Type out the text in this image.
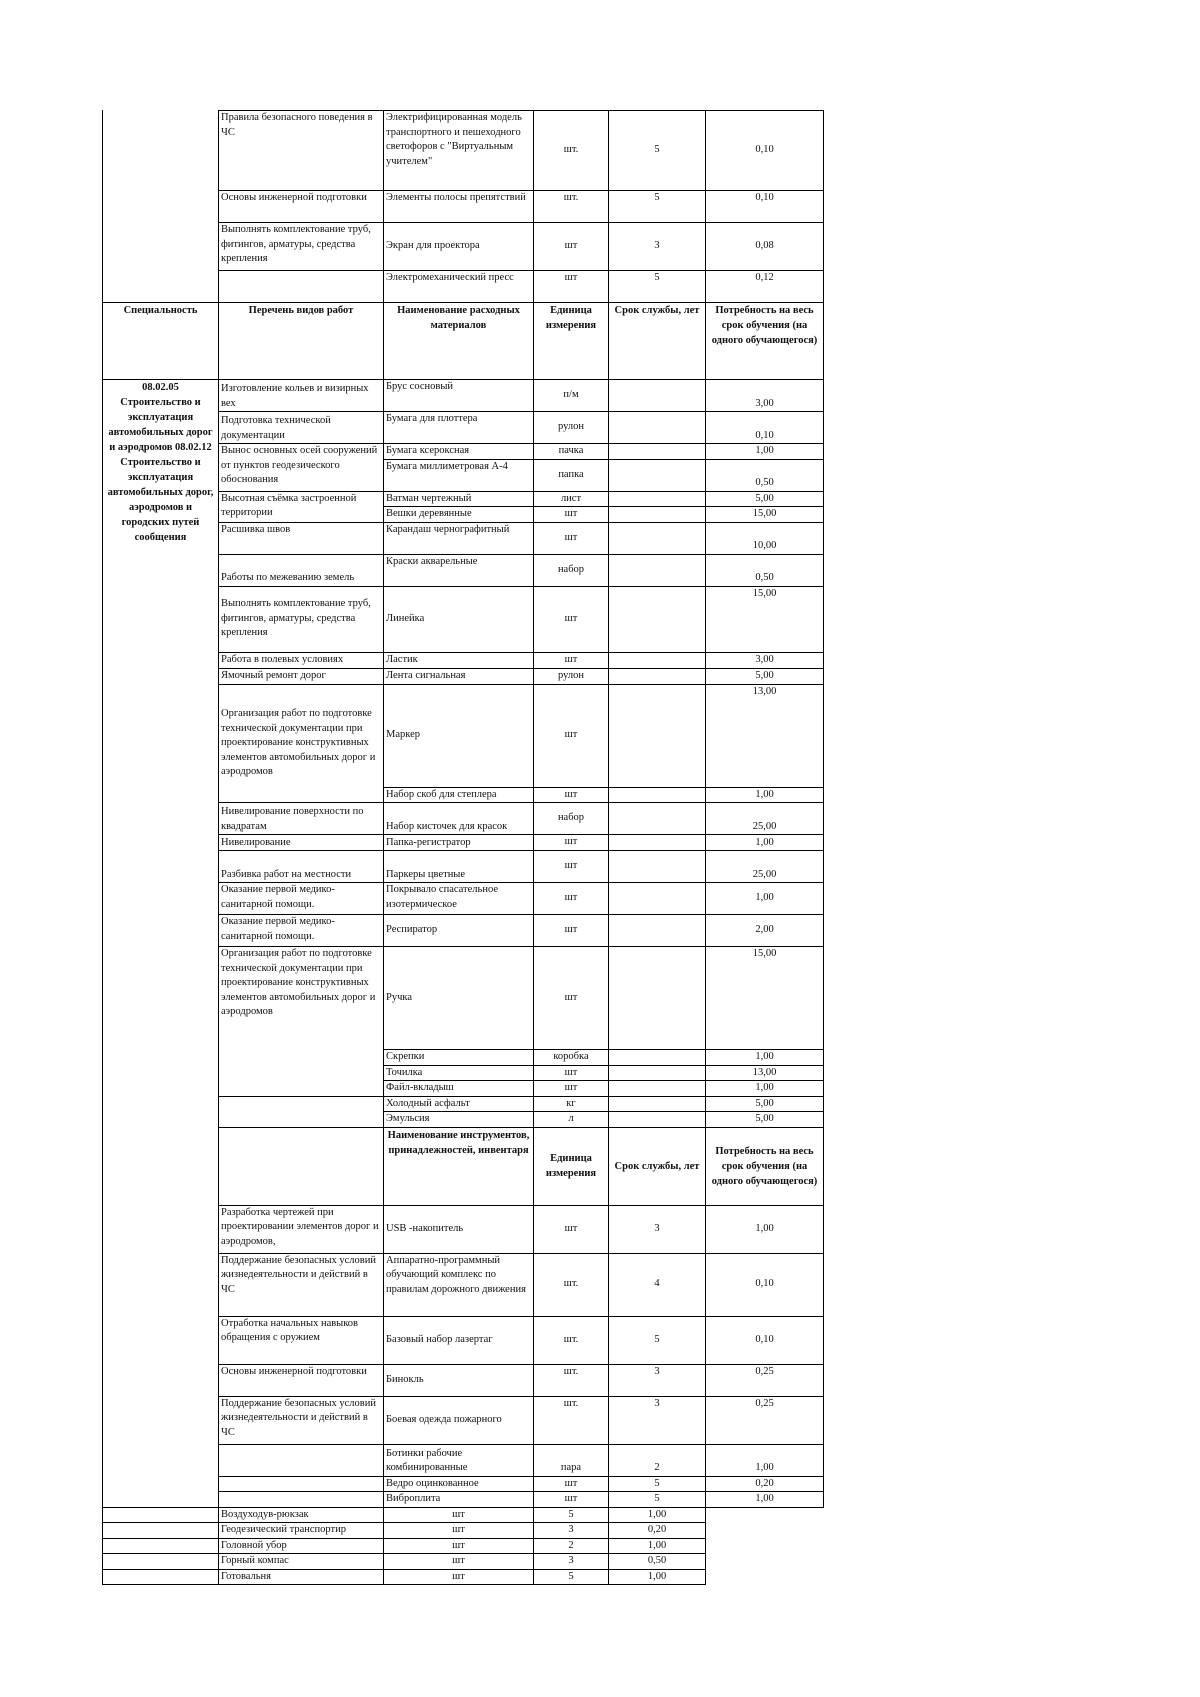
	Правила безопасного поведения в ЧС	Электрифицированная модель транспортного и пешеходного светофоров с "Виртуальным учителем"	шт.	5	0,10
	Основы инженерной подготовки	Элементы полосы препятствий	шт.	5	0,10
	Выполнять комплектование труб, фитингов, арматуры, средства крепления	Экран для проектора	шт	3	0,08
		Электромеханический пресс	шт	5	0,12
Специальность	Перечень видов работ	Наименование расходных материалов	Единица измерения	Срок службы, лет	Потребность на весь срок обучения (на одного обучающегося)
08.02.05 Строительство и эксплуатация автомобильных дорог и аэродромов 08.02.12 Строительство и эксплуатация автомобильных дорог, аэродромов и городских путей сообщения	Изготовление кольев и визирных вех	Брус сосновый	п/м		3,00
	Подготовка технической документации	Бумага для плоттера	рулон		0,10
	Вынос основных осей сооружений от пунктов геодезического обоснования	Бумага ксероксная	пачка		1,00
		Бумага миллиметровая А-4	папка		0,50
	Высотная съёмка застроенной территории	Ватман чертежный	лист		5,00
		Вешки деревянные	шт		15,00
	Расшивка швов	Карандаш чернографитный	шт		10,00
	Работы по межеванию земель	Краски акварельные	набор		0,50
	Выполнять комплектование труб, фитингов, арматуры, средства крепления	Линейка	шт		15,00
	Работа в полевых условиях	Ластик	шт		3,00
	Ямочный ремонт дорог	Лента сигнальная	рулон		5,00
	Организация работ по подготовке технической документации при проектирование конструктивных элементов автомобильных дорог и аэродромов	Маркер	шт		13,00
		Набор скоб для степлера	шт		1,00
	Нивелирование поверхности по квадратам	Набор кисточек для красок	набор		25,00
	Нивелирование	Папка-регистратор	шт		1,00
	Разбивка работ на местности	Паркеры цветные	шт		25,00
	Оказание первой медико-санитарной помощи.	Покрывало спасательное изотермическое	шт		1,00
	Оказание первой медико-санитарной помощи.	Респиратор	шт		2,00
	Организация работ по подготовке технической документации при проектирование конструктивных элементов автомобильных дорог и аэродромов	Ручка	шт		15,00
		Скрепки	коробка		1,00
		Точилка	шт		13,00
		Файл-вкладыш	шт		1,00
		Холодный асфальт	кг		5,00
		Эмульсия	л		5,00
		Наименование инструментов, принадлежностей, инвентаря	Единица измерения	Срок службы, лет	Потребность на весь срок обучения (на одного обучающегося)
	Разработка чертежей при проектировании элементов дорог и аэродромов,	USB -накопитель	шт	3	1,00
	Поддержание безопасных условий жизнедеятельности и действий в ЧС	Аппаратно-программный обучающий комплекс по правилам дорожного движения	шт.	4	0,10
	Отработка начальных навыков обращения с оружием	Базовый набор лазертаг	шт.	5	0,10
	Основы инженерной подготовки	Бинокль	шт.	3	0,25
	Поддержание безопасных условий жизнедеятельности и действий в ЧС	Боевая одежда пожарного	шт.	3	0,25
		Ботинки рабочие комбинированные	пара	2	1,00
		Ведро оцинкованное	шт	5	0,20
		Виброплита	шт	5	1,00
	Воздуходув-рюкзак	шт	5	1,00	
	Геодезический транспортир	шт	3	0,20	
	Головной убор	шт	2	1,00	
	Горный компас	шт	3	0,50	
	Готовальня	шт	5	1,00	
